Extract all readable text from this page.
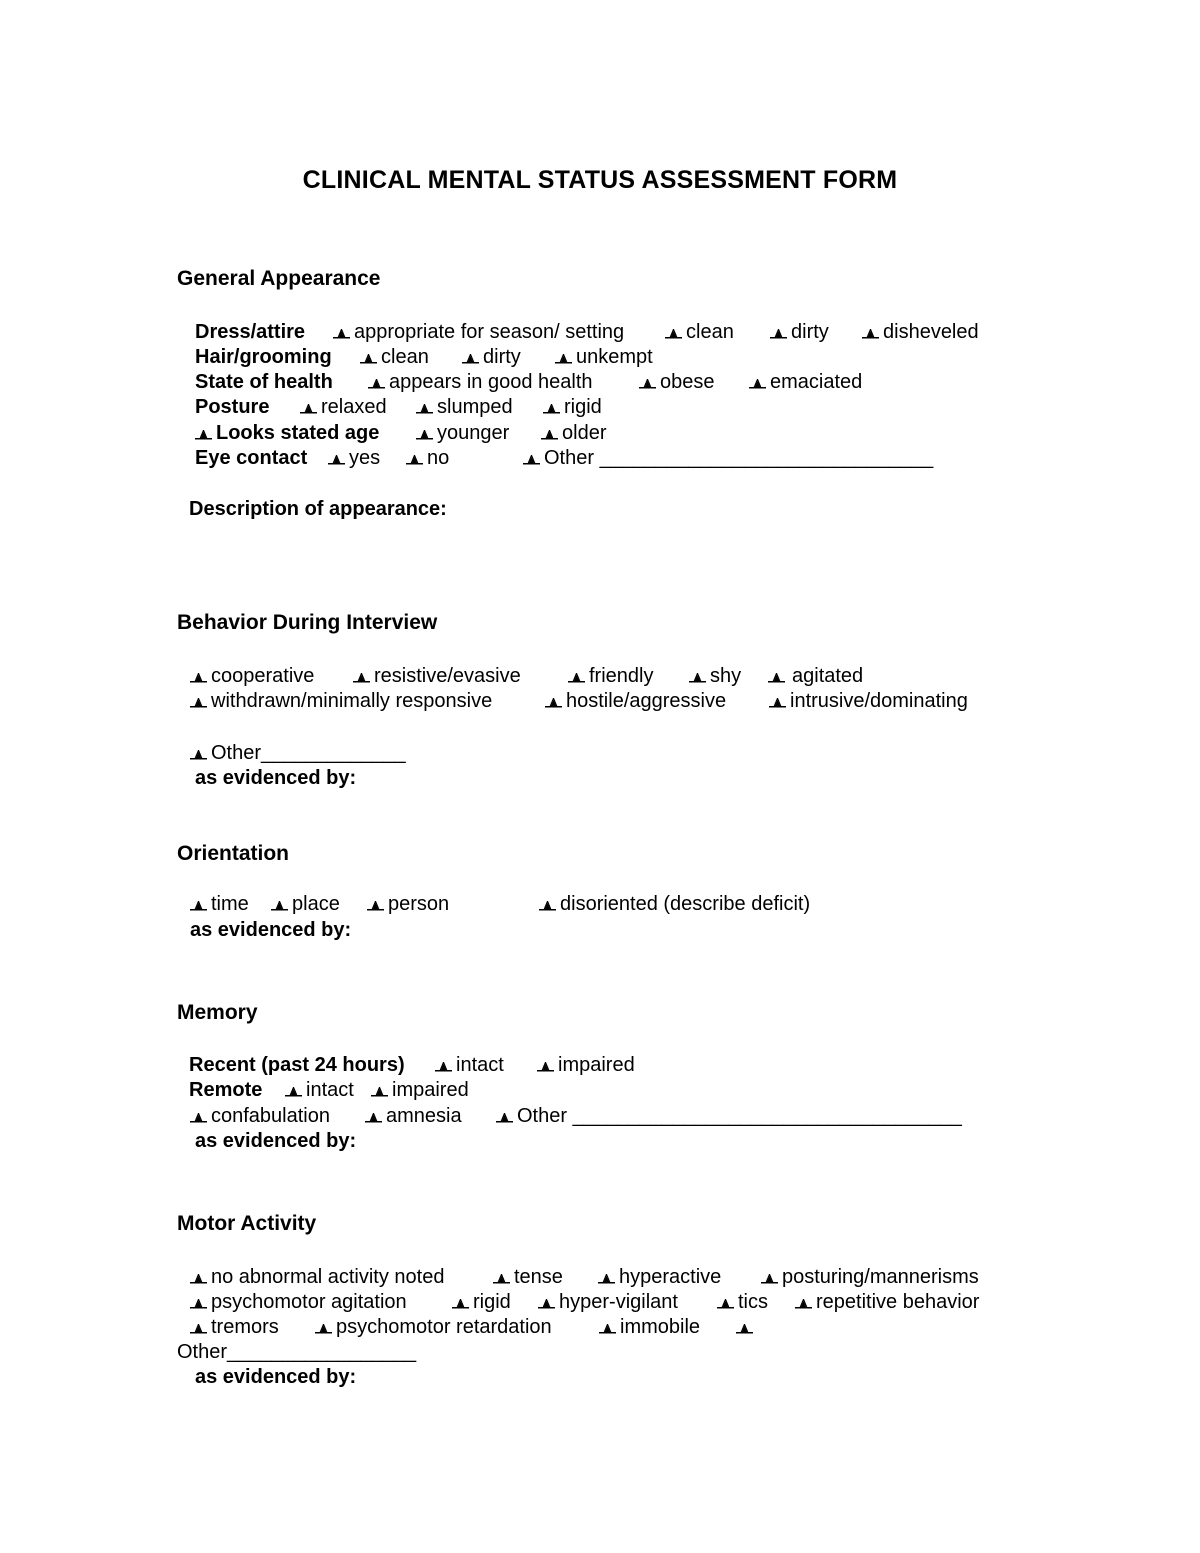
CLINICAL MENTAL STATUS ASSESSMENT FORM
General Appearance
Dress/attire appropriate for season/ setting	clean	dirty	disheveled
Hair/grooming clean	dirty	unkempt
State of health	appears in good health	obese	emaciated
Posture	relaxed	slumped	rigid
Looks stated age	younger	older
Eye contact yes no	Other ______________________________
Description of appearance:
Behavior During Interview
cooperative	resistive/evasive	friendly	shy	agitated
withdrawn/minimally responsive	hostile/aggressive	intrusive/dominating
Other_____________
as evidenced by:
Orientation
time place person	disoriented (describe deficit)
as evidenced by:
Memory
Recent (past 24 hours)	intact	impaired
Remote intact impaired
confabulation	amnesia	Other ___________________________________
as evidenced by:
Motor Activity
no abnormal activity noted	tense	hyperactive	posturing/mannerisms
psychomotor agitation	rigid hyper-vigilant	tics repetitive behavior
tremors	psychomotor retardation	immobile
Other_________________
as evidenced by:
